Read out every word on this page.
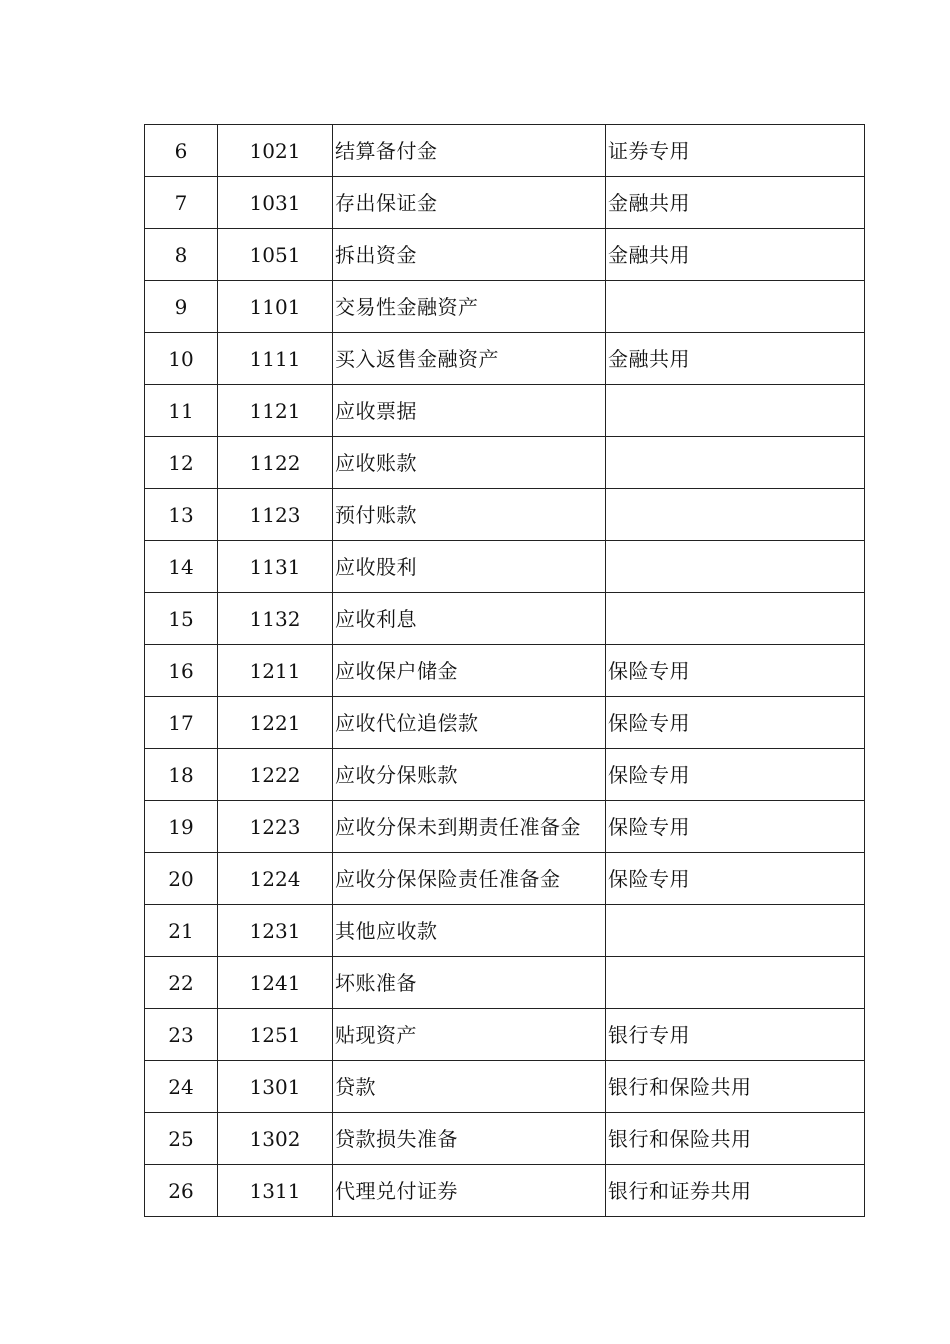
6	1021	结算备付金	证券专用
7	1031	存出保证金	金融共用
8	1051	拆出资金	金融共用
9	1101	交易性金融资产	
10	1111	买入返售金融资产	金融共用
11	1121	应收票据	
12	1122	应收账款	
13	1123	预付账款	
14	1131	应收股利	
15	1132	应收利息	
16	1211	应收保户储金	保险专用
17	1221	应收代位追偿款	保险专用
18	1222	应收分保账款	保险专用
19	1223	应收分保未到期责任准备金	保险专用
20	1224	应收分保保险责任准备金	保险专用
21	1231	其他应收款	
22	1241	坏账准备	
23	1251	贴现资产	银行专用
24	1301	贷款	银行和保险共用
25	1302	贷款损失准备	银行和保险共用
26	1311	代理兑付证券	银行和证券共用
